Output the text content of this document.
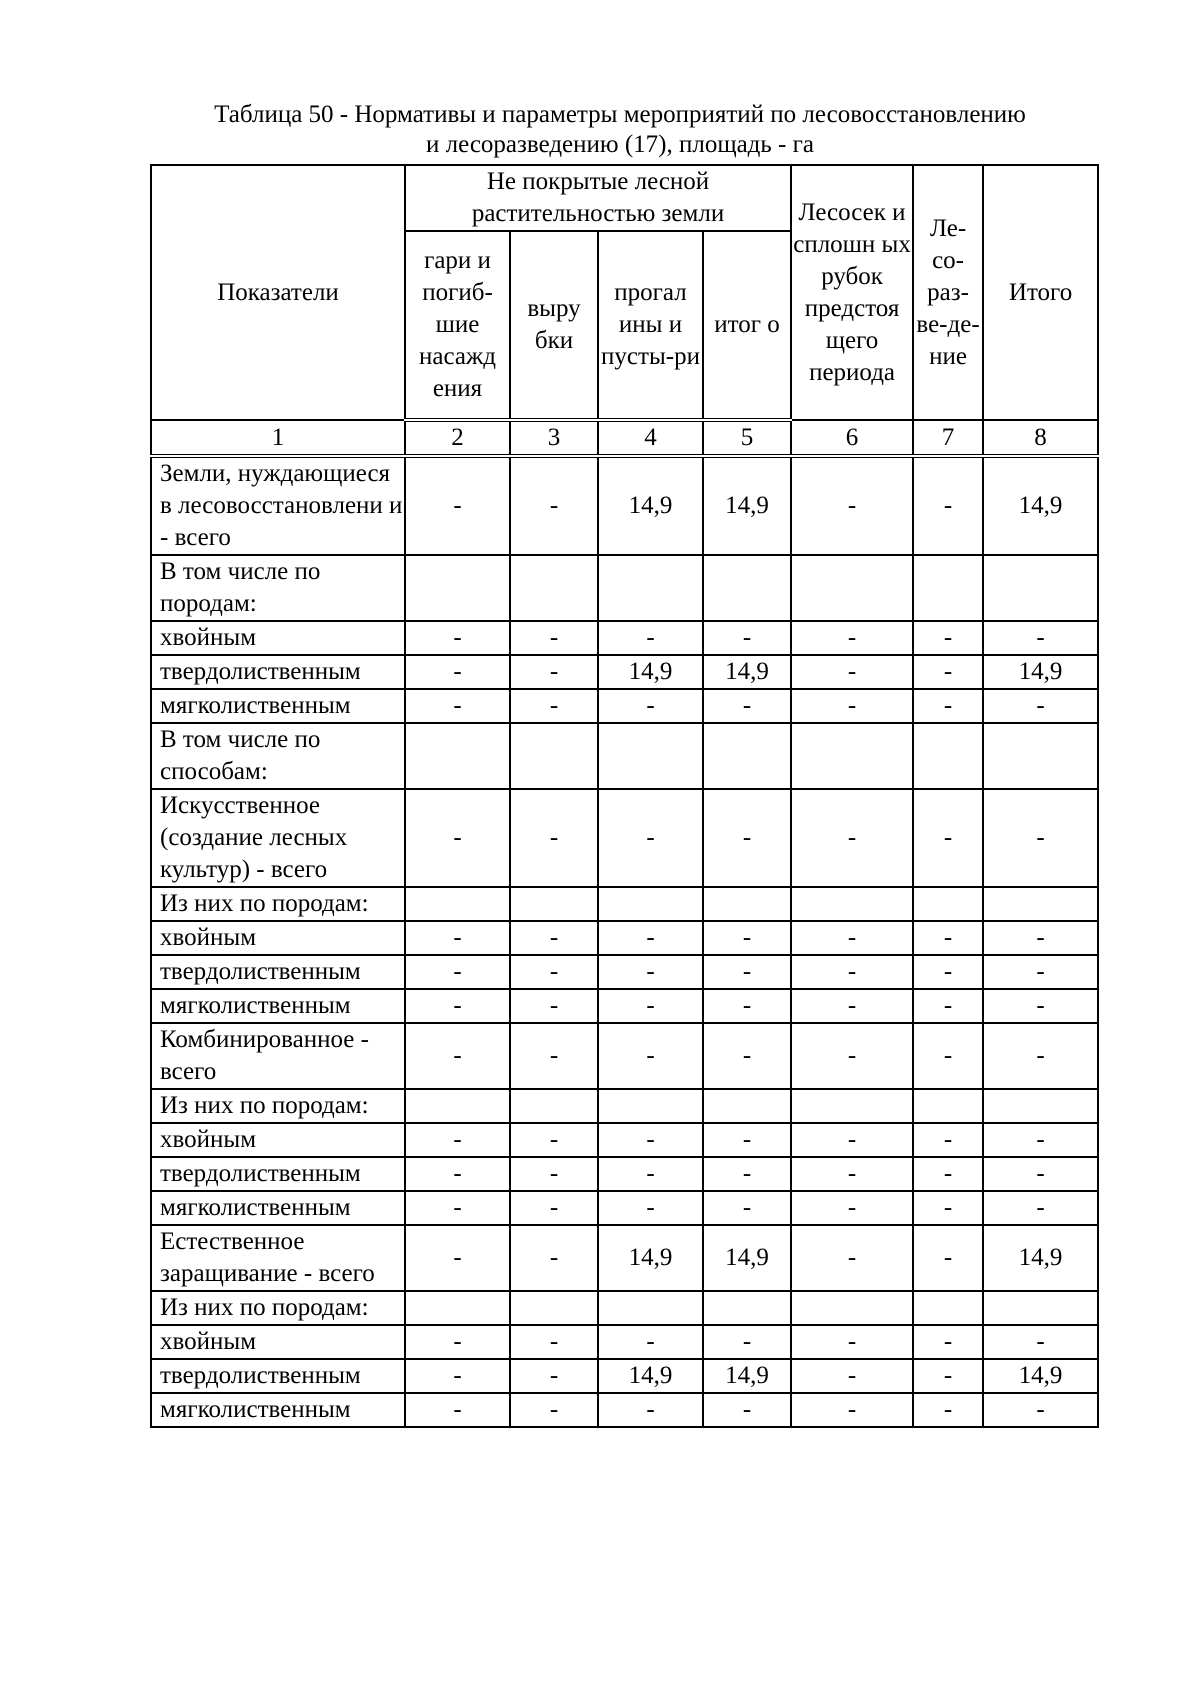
Таблица 50 - Нормативы и параметры мероприятий по лесовосстановлению
и лесоразведению (17), площадь - га
Показатели	Не покрытые лесной растительностью земли				Лесосек и сплошн ых рубок предстоя щего периода	Ле-со-раз-ве-де-ние	Итого
	гари и погиб-шие насажд ения	выру бки	прогал ины и пусты-ри	итог о			
1	2	3	4	5	6	7	8
Земли, нуждающиеся в лесовосстановлени и - всего	-	-	14,9	14,9	-	-	14,9
В том числе по породам:							
хвойным	-	-	-	-	-	-	-
твердолиственным	-	-	14,9	14,9	-	-	14,9
мягколиственным	-	-	-	-	-	-	-
В том числе по способам:							
Искусственное (создание лесных культур) - всего	-	-	-	-	-	-	-
Из них по породам:							
хвойным	-	-	-	-	-	-	-
твердолиственным	-	-	-	-	-	-	-
мягколиственным	-	-	-	-	-	-	-
Комбинированное - всего	-	-	-	-	-	-	-
Из них по породам:							
хвойным	-	-	-	-	-	-	-
твердолиственным	-	-	-	-	-	-	-
мягколиственным	-	-	-	-	-	-	-
Естественное заращивание - всего	-	-	14,9	14,9	-	-	14,9
Из них по породам:							
хвойным	-	-	-	-	-	-	-
твердолиственным	-	-	14,9	14,9	-	-	14,9
мягколиственным	-	-	-	-	-	-	-
